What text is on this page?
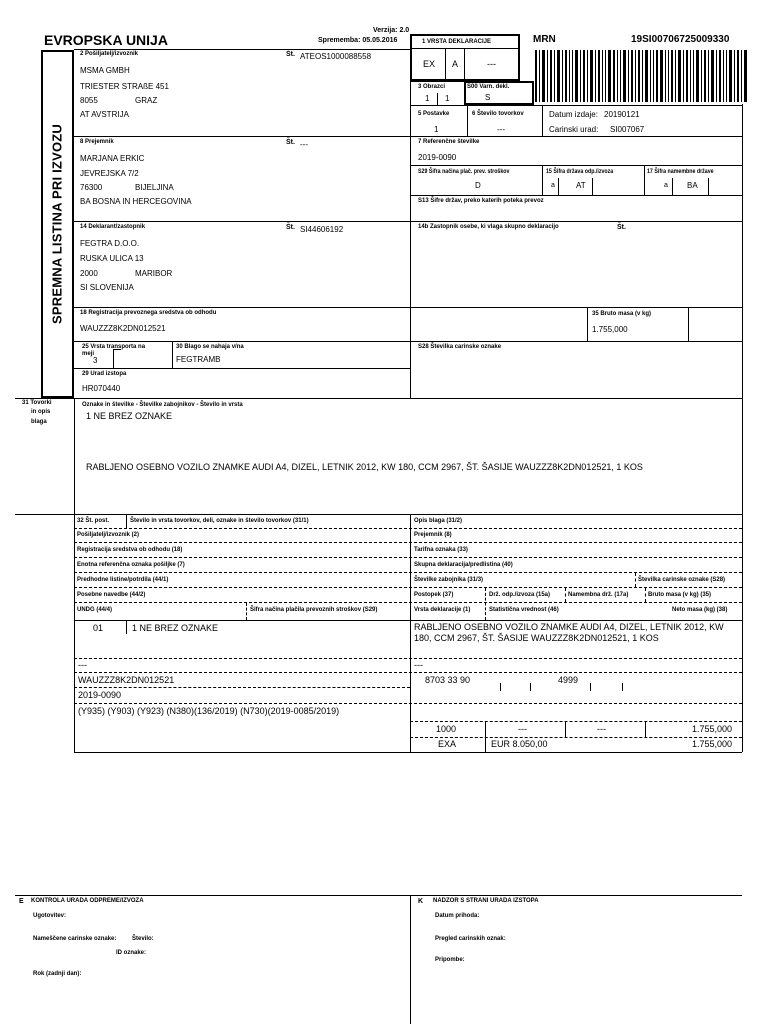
EVROPSKA UNIJA
Verzija: 2.0
Sprememba: 05.05.2016	MRN	19SI00706725009330
SPREMNA LISTINA PRI IZVOZU
1 VRSTA DEKLARACIJE
EX A	---
3 Obrazci
1 1
S00 Varn. dekl.
S
5 Postavke
1
6 Število tovorkov
---
Datum izdaje: 20190121
Carinski urad: SI007067
2 Pošiljatelj/izvoznik	Št. ATEOS1000088558
MSMA GMBH
TRIESTER STRAßE 451
8055	GRAZ
AT AVSTRIJA
8 Prejemnik	Št. ---
MARJANA ERKIC
JEVREJSKA 7/2
76300	BIJELJINA
BA BOSNA IN HERCEGOVINA
7 Referenčne številke
2019-0090
S29 Šifra načina plač. prev. stroškov
D
15 Šifra država odp./izvoza
a	AT
17 Šifra namembne države
a BA
S13 Šifre držav, preko katerih poteka prevoz
14 Deklarant/zastopnik	Št. SI44606192
FEGTRA D.O.O.
RUSKA ULICA 13
2000	MARIBOR
SI SLOVENIJA
14b Zastopnik osebe, ki vlaga skupno deklaracijo	Št.
18 Registracija prevoznega sredstva ob odhodu
WAUZZZ8K2DN012521
35 Bruto masa (v kg)
1.755,000
25 Vrsta transporta na meji
3
30 Blago se nahaja v/na
FEGTRAMB
S28 Številka carinske oznake
29 Urad izstopa
HR070440
31 Tovorki
in opis
blaga
Oznake in številke - Številke zabojnikov - Število in vrsta
1 NE BREZ OZNAKE
RABLJENO OSEBNO VOZILO ZNAMKE AUDI A4, DIZEL, LETNIK 2012, KW 180, CCM 2967, ŠT. ŠASIJE WAUZZZ8K2DN012521, 1 KOS
32 Št. post.	Število in vrsta tovorkov, deli, oznake in število tovorkov (31/1)	Opis blaga (31/2)
Pošiljatelj/izvoznik (2)	Prejemnik (8)
Registracija sredstva ob odhodu (18)	Tarifna oznaka (33)
Enotna referenčna oznaka pošiljke (7)	Skupna deklaracija/predlistina (40)
Predhodne listine/potrdila (44/1)	Številke zabojnika (31/3)	Številka carinske oznake (S28)
Posebne navedbe (44/2)	Postopek (37)	Drž. odp./izvoza (15a)	Namembna drž. (17a)	Bruto masa (v kg) (35)
UNDG (44/4)	Šifra načina plačila prevoznih stroškov (S29)	Vrsta deklaracije (1)	Statistična vrednost (46)	Neto masa (kg) (38)
01	1 NE BREZ OZNAKE	RABLJENO OSEBNO VOZILO ZNAMKE AUDI A4, DIZEL, LETNIK 2012, KW 180, CCM 2967, ŠT. ŠASIJE WAUZZZ8K2DN012521, 1 KOS
---	---
WAUZZZ8K2DN012521	8703 33 90	4999
2019-0090
(Y935) (Y903) (Y923) (N380)(136/2019) (N730)(2019-0085/2019)
1000	---	---	1.755,000
EXA	EUR 8.050,00	1.755,000
E KONTROLA URADA ODPREME/IZVOZA
Ugotovitev:
Nameščene carinske oznake:	Število:
ID oznake:
Rok (zadnji dan):
K NADZOR S STRANI URADA IZSTOPA
Datum prihoda:
Pregled carinskih oznak:
Pripombe:
